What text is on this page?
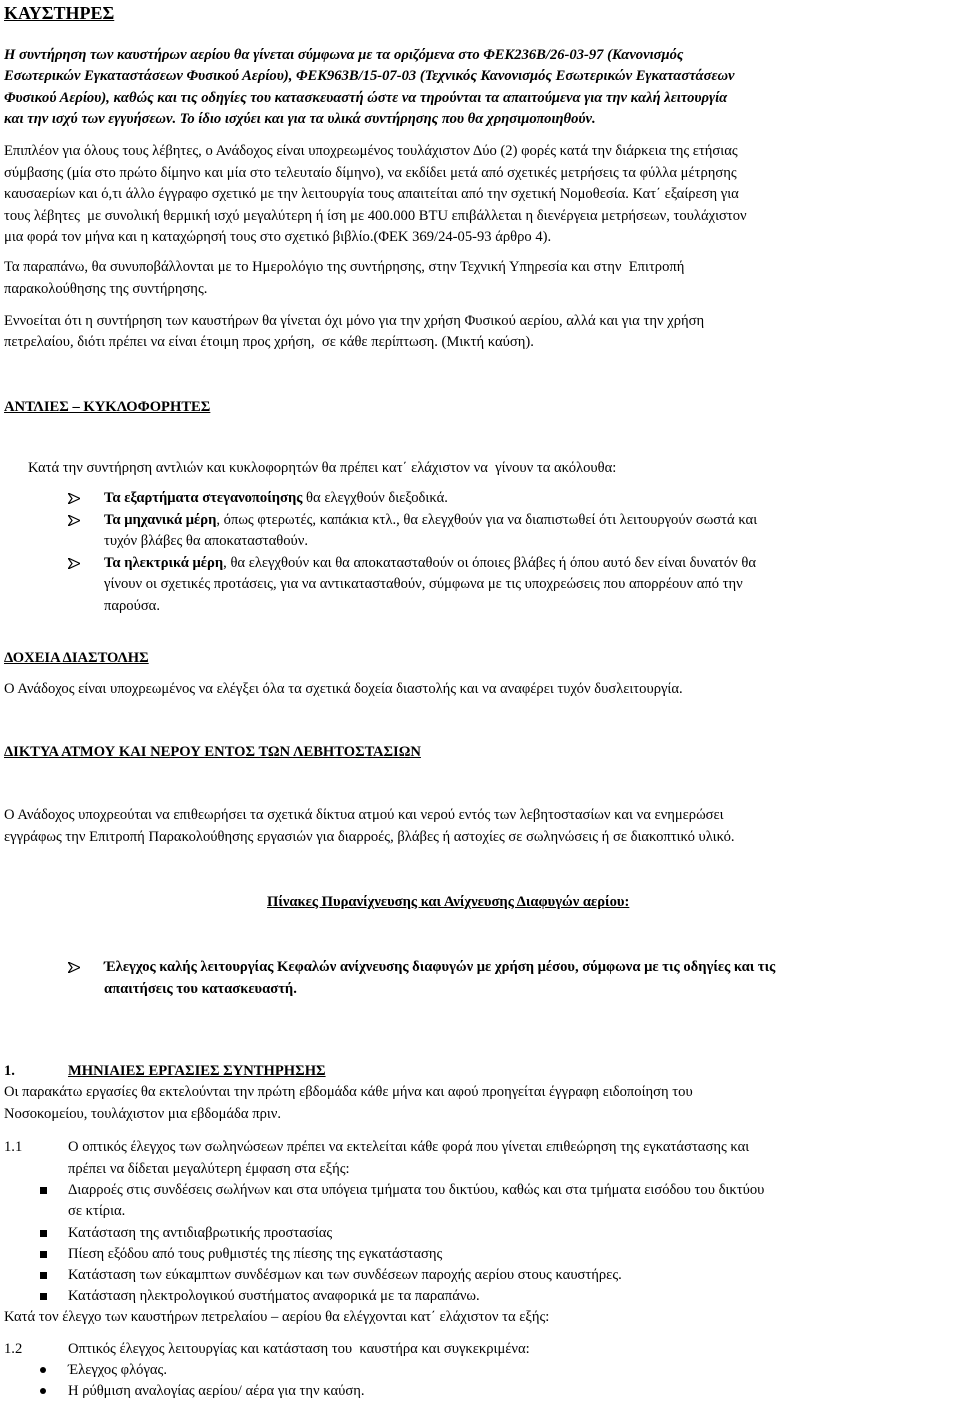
ΚΑΥΣΤΗΡΕΣ
Η συντήρηση των καυστήρων αερίου θα γίνεται σύμφωνα με τα οριζόμενα στο ΦΕΚ236Β/26-03-97 (Κανονισμός
Εσωτερικών Εγκαταστάσεων Φυσικού Αερίου), ΦΕΚ963Β/15-07-03 (Τεχνικός Κανονισμός Εσωτερικών Εγκαταστάσεων
Φυσικού Αερίου), καθώς και τις οδηγίες του κατασκευαστή ώστε να τηρούνται τα απαιτούμενα για την καλή λειτουργία
και την ισχύ των εγγυήσεων. Το ίδιο ισχύει και για τα υλικά συντήρησης που θα χρησιμοποιηθούν.
Επιπλέον για όλους τους λέβητες, ο Ανάδοχος είναι υποχρεωμένος τουλάχιστον Δύο (2) φορές κατά την διάρκεια της ετήσιας
σύμβασης (μία στο πρώτο δίμηνο και μία στο τελευταίο δίμηνο), να εκδίδει μετά από σχετικές μετρήσεις τα φύλλα μέτρησης
καυσαερίων και ό,τι άλλο έγγραφο σχετικό με την λειτουργία τους απαιτείται από την σχετική Νομοθεσία. Κατ΄ εξαίρεση για
τους λέβητες  με συνολική θερμική ισχύ μεγαλύτερη ή ίση με 400.000 BTU επιβάλλεται η διενέργεια μετρήσεων, τουλάχιστον
μια φορά τον μήνα και η καταχώρησή τους στο σχετικό βιβλίο.(ΦΕΚ 369/24-05-93 άρθρο 4).
Τα παραπάνω, θα συνυποβάλλονται με το Ημερολόγιο της συντήρησης, στην Τεχνική Υπηρεσία και στην  Επιτροπή
παρακολούθησης της συντήρησης.
Εννοείται ότι η συντήρηση των καυστήρων θα γίνεται όχι μόνο για την χρήση Φυσικού αερίου, αλλά και για την χρήση
πετρελαίου, διότι πρέπει να είναι έτοιμη προς χρήση,  σε κάθε περίπτωση. (Μικτή καύση).
ΑΝΤΛΙΕΣ – ΚΥΚΛΟΦΟΡΗΤΕΣ
Κατά την συντήρηση αντλιών και κυκλοφορητών θα πρέπει κατ΄ ελάχιστον να  γίνουν τα ακόλουθα:
Τα εξαρτήματα στεγανοποίησης θα ελεγχθούν διεξοδικά.
Τα μηχανικά μέρη, όπως φτερωτές, καπάκια κτλ., θα ελεγχθούν για να διαπιστωθεί ότι λειτουργούν σωστά και
τυχόν βλάβες θα αποκατασταθούν.
Τα ηλεκτρικά μέρη, θα ελεγχθούν και θα αποκατασταθούν οι όποιες βλάβες ή όπου αυτό δεν είναι δυνατόν θα
γίνουν οι σχετικές προτάσεις, για να αντικατασταθούν, σύμφωνα με τις υποχρεώσεις που απορρέουν από την
παρούσα.
ΔΟΧΕΙΑ ΔΙΑΣΤΟΛΗΣ
Ο Ανάδοχος είναι υποχρεωμένος να ελέγξει όλα τα σχετικά δοχεία διαστολής και να αναφέρει τυχόν δυσλειτουργία.
ΔΙΚΤΥΑ ΑΤΜΟΥ ΚΑΙ ΝΕΡΟΥ ΕΝΤΟΣ ΤΩΝ ΛΕΒΗΤΟΣΤΑΣΙΩΝ
Ο Ανάδοχος υποχρεούται να επιθεωρήσει τα σχετικά δίκτυα ατμού και νερού εντός των λεβητοστασίων και να ενημερώσει
εγγράφως την Επιτροπή Παρακολούθησης εργασιών για διαρροές, βλάβες ή αστοχίες σε σωληνώσεις ή σε διακοπτικό υλικό.
Πίνακες Πυρανίχνευσης και Ανίχνευσης Διαφυγών αερίου:
Έλεγχος καλής λειτουργίας Κεφαλών ανίχνευσης διαφυγών με χρήση μέσου, σύμφωνα με τις οδηγίες και τις
απαιτήσεις του κατασκευαστή.
1.	ΜΗΝΙΑΙΕΣ ΕΡΓΑΣΙΕΣ ΣΥΝΤΗΡΗΣΗΣ
Οι παρακάτω εργασίες θα εκτελούνται την πρώτη εβδομάδα κάθε μήνα και αφού προηγείται έγγραφη ειδοποίηση του
Νοσοκομείου, τουλάχιστον μια εβδομάδα πριν.
1.1	Ο οπτικός έλεγχος των σωληνώσεων πρέπει να εκτελείται κάθε φορά που γίνεται επιθεώρηση της εγκατάστασης και
πρέπει να δίδεται μεγαλύτερη έμφαση στα εξής:
Διαρροές στις συνδέσεις σωλήνων και στα υπόγεια τμήματα του δικτύου, καθώς και στα τμήματα εισόδου του δικτύου
σε κτίρια.
Κατάσταση της αντιδιαβρωτικής προστασίας
Πίεση εξόδου από τους ρυθμιστές της πίεσης της εγκατάστασης
Κατάσταση των εύκαμπτων συνδέσμων και των συνδέσεων παροχής αερίου στους καυστήρες.
Κατάσταση ηλεκτρολογικού συστήματος αναφορικά με τα παραπάνω.
Κατά τον έλεγχο των καυστήρων πετρελαίου – αερίου θα ελέγχονται κατ΄ ελάχιστον τα εξής:
1.2	Οπτικός έλεγχος λειτουργίας και κατάσταση του  καυστήρα και συγκεκριμένα:
Έλεγχος φλόγας.
Η ρύθμιση αναλογίας αερίου/ αέρα για την καύση.
